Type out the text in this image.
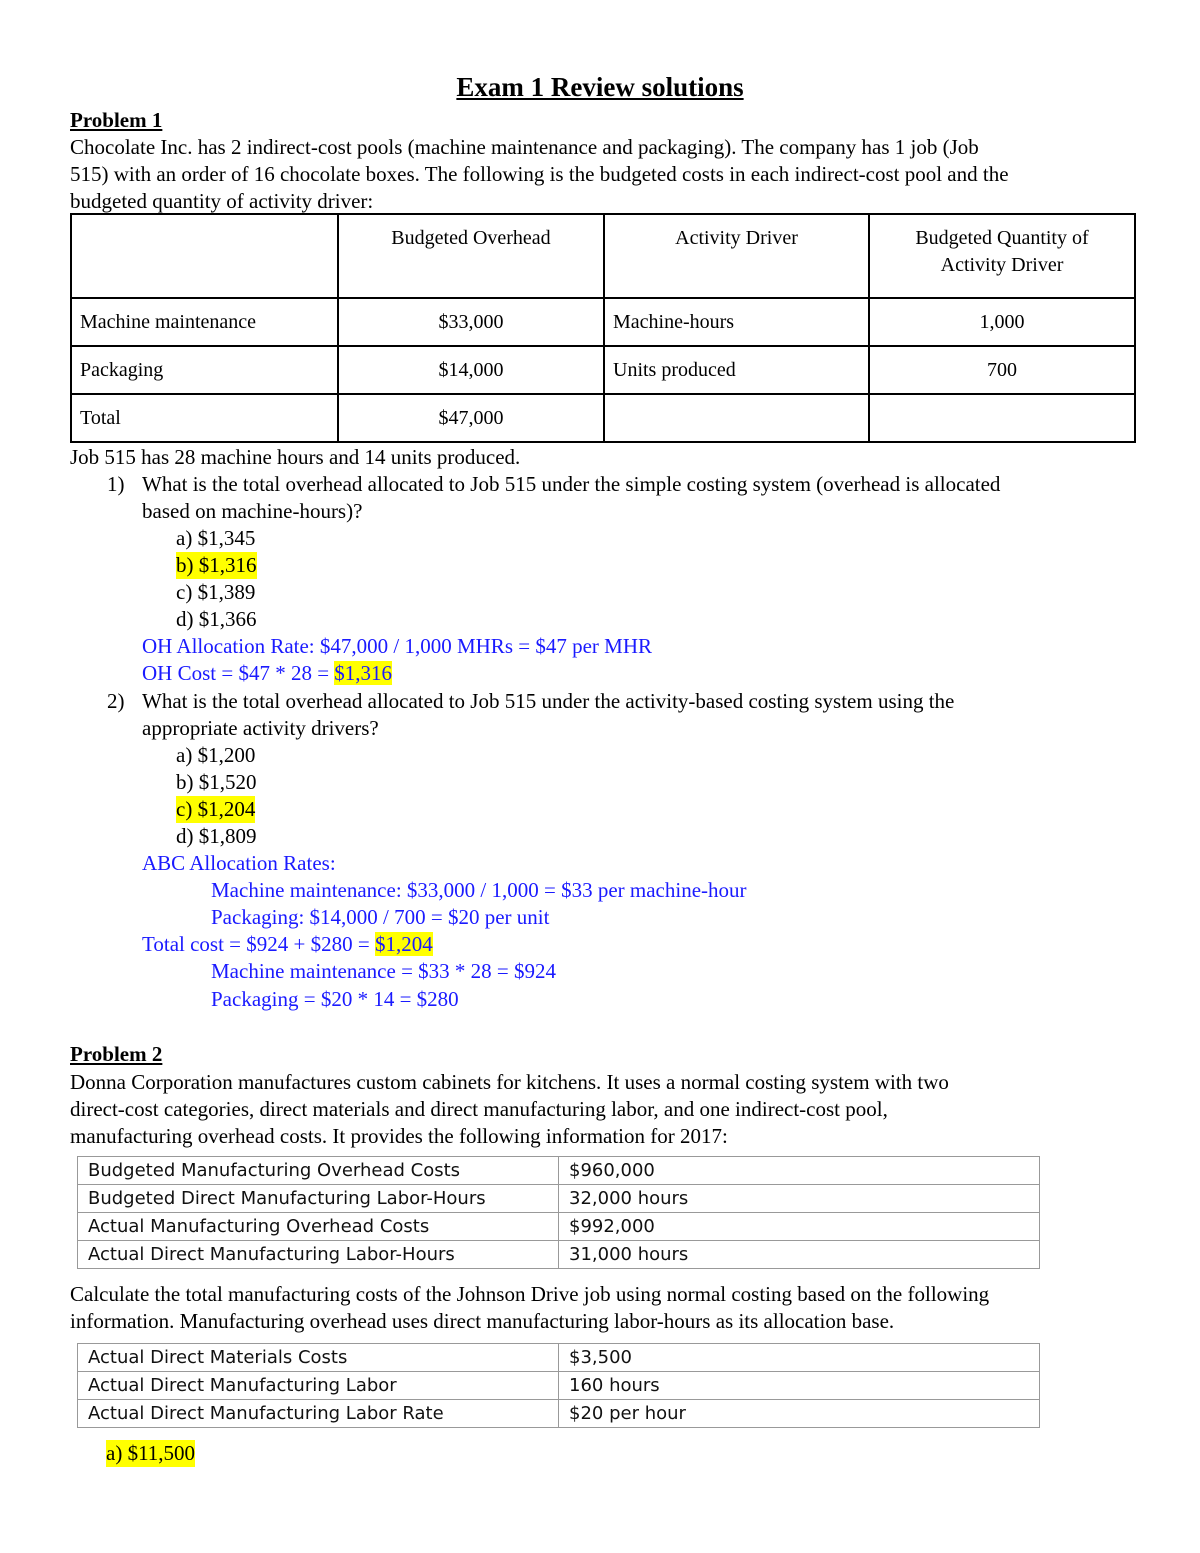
Exam 1 Review solutions
Problem 1
Chocolate Inc. has 2 indirect-cost pools (machine maintenance and packaging). The company has 1 job (Job
515) with an order of 16 chocolate boxes. The following is the budgeted costs in each indirect-cost pool and the
budgeted quantity of activity driver:
	Budgeted Overhead	Activity Driver	Budgeted Quantity of
Activity Driver

Machine maintenance	$33,000	Machine-hours	1,000
Packaging	$14,000	Units produced	700
Total	$47,000		
Job 515 has 28 machine hours and 14 units produced.
1) What is the total overhead allocated to Job 515 under the simple costing system (overhead is allocated
based on machine-hours)?
a) $1,345
b) $1,316
c) $1,389
d) $1,366
OH Allocation Rate: $47,000 / 1,000 MHRs = $47 per MHR
OH Cost = $47 * 28 = $1,316
2) What is the total overhead allocated to Job 515 under the activity-based costing system using the
appropriate activity drivers?
a) $1,200
b) $1,520
c) $1,204
d) $1,809
ABC Allocation Rates:
Machine maintenance: $33,000 / 1,000 = $33 per machine-hour
Packaging: $14,000 / 700 = $20 per unit
Total cost = $924 + $280 = $1,204
Machine maintenance = $33 * 28 = $924
Packaging = $20 * 14 = $280
Problem 2
Donna Corporation manufactures custom cabinets for kitchens. It uses a normal costing system with two
direct-cost categories, direct materials and direct manufacturing labor, and one indirect-cost pool,
manufacturing overhead costs. It provides the following information for 2017:
Budgeted Manufacturing Overhead Costs	$960,000
Budgeted Direct Manufacturing Labor-Hours	32,000 hours
Actual Manufacturing Overhead Costs	$992,000
Actual Direct Manufacturing Labor-Hours	31,000 hours
Calculate the total manufacturing costs of the Johnson Drive job using normal costing based on the following
information. Manufacturing overhead uses direct manufacturing labor-hours as its allocation base.
Actual Direct Materials Costs	$3,500
Actual Direct Manufacturing Labor	160 hours
Actual Direct Manufacturing Labor Rate	$20 per hour
a) $11,500
